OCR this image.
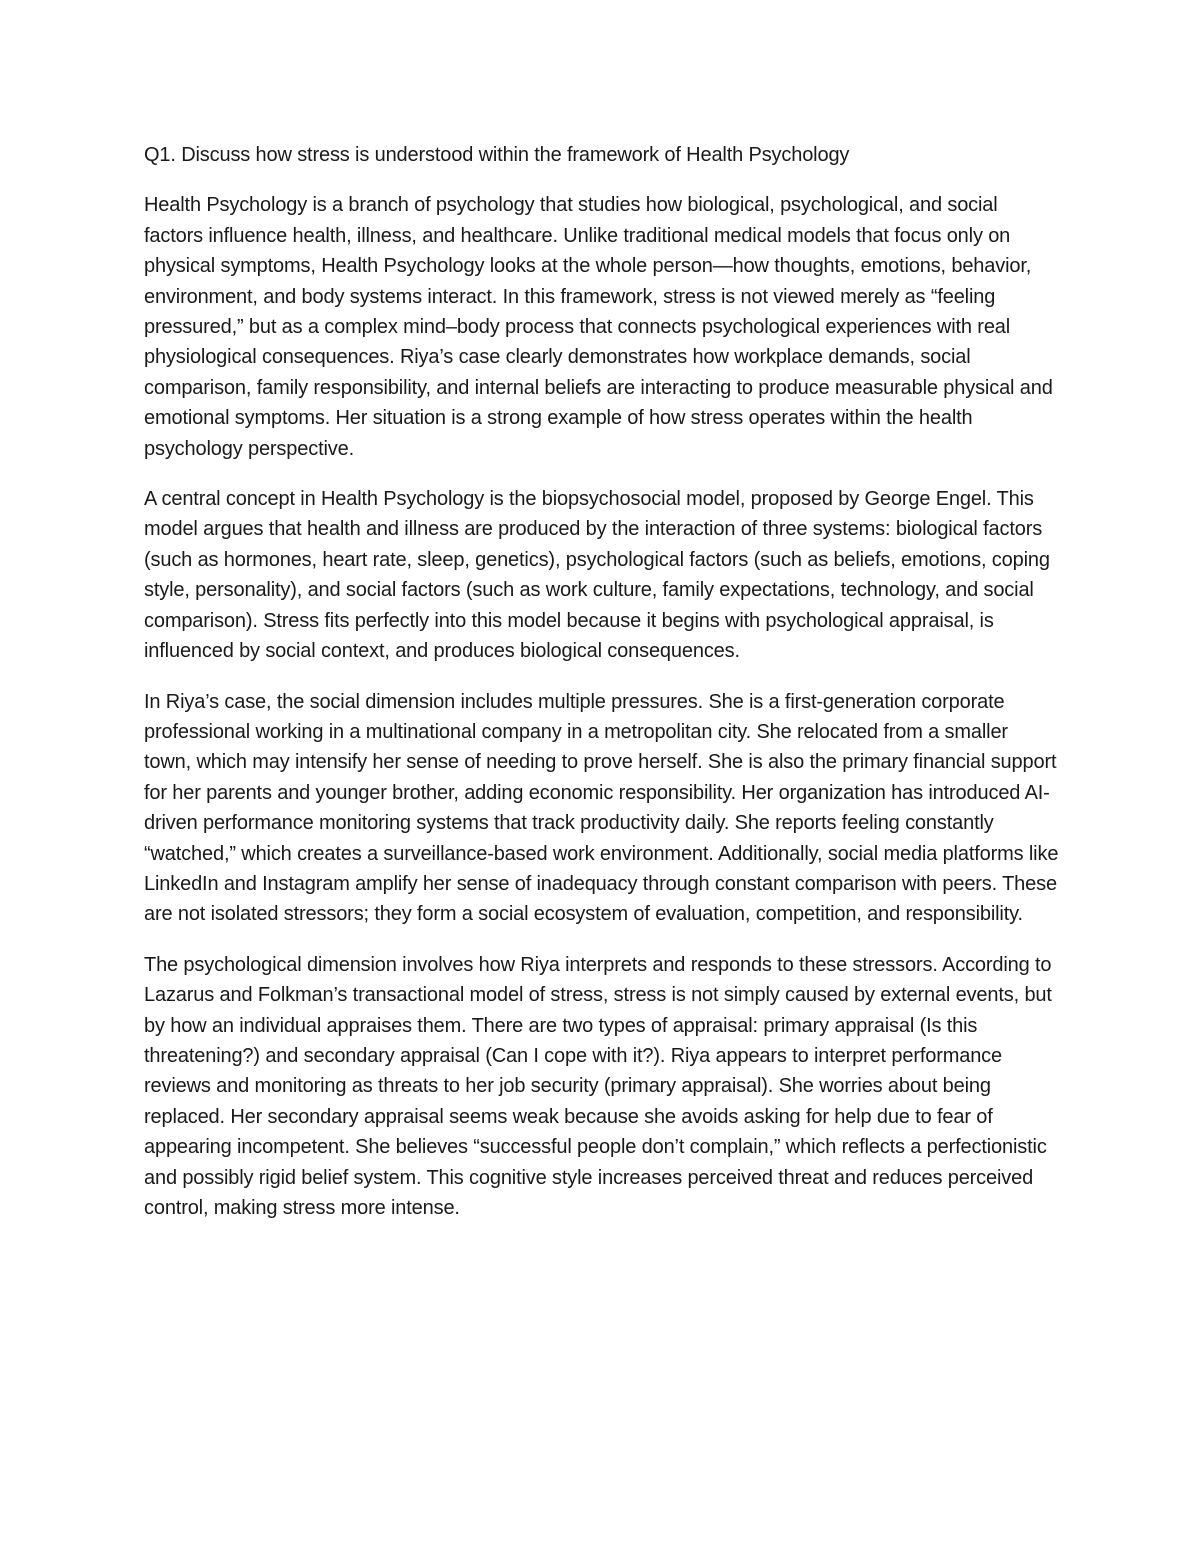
Q1. Discuss how stress is understood within the framework of Health Psychology

Health Psychology is a branch of psychology that studies how biological, psychological, and social factors influence health, illness, and healthcare. Unlike traditional medical models that focus only on physical symptoms, Health Psychology looks at the whole person—how thoughts, emotions, behavior, environment, and body systems interact. In this framework, stress is not viewed merely as “feeling pressured,” but as a complex mind–body process that connects psychological experiences with real physiological consequences. Riya’s case clearly demonstrates how workplace demands, social comparison, family responsibility, and internal beliefs are interacting to produce measurable physical and emotional symptoms. Her situation is a strong example of how stress operates within the health psychology perspective.

A central concept in Health Psychology is the biopsychosocial model, proposed by George Engel. This model argues that health and illness are produced by the interaction of three systems: biological factors (such as hormones, heart rate, sleep, genetics), psychological factors (such as beliefs, emotions, coping style, personality), and social factors (such as work culture, family expectations, technology, and social comparison). Stress fits perfectly into this model because it begins with psychological appraisal, is influenced by social context, and produces biological consequences.

In Riya’s case, the social dimension includes multiple pressures. She is a first-generation corporate professional working in a multinational company in a metropolitan city. She relocated from a smaller town, which may intensify her sense of needing to prove herself. She is also the primary financial support for her parents and younger brother, adding economic responsibility. Her organization has introduced AI-driven performance monitoring systems that track productivity daily. She reports feeling constantly “watched,” which creates a surveillance-based work environment. Additionally, social media platforms like LinkedIn and Instagram amplify her sense of inadequacy through constant comparison with peers. These are not isolated stressors; they form a social ecosystem of evaluation, competition, and responsibility.

The psychological dimension involves how Riya interprets and responds to these stressors. According to Lazarus and Folkman’s transactional model of stress, stress is not simply caused by external events, but by how an individual appraises them. There are two types of appraisal: primary appraisal (Is this threatening?) and secondary appraisal (Can I cope with it?). Riya appears to interpret performance reviews and monitoring as threats to her job security (primary appraisal). She worries about being replaced. Her secondary appraisal seems weak because she avoids asking for help due to fear of appearing incompetent. She believes “successful people don’t complain,” which reflects a perfectionistic and possibly rigid belief system. This cognitive style increases perceived threat and reduces perceived control, making stress more intense.
